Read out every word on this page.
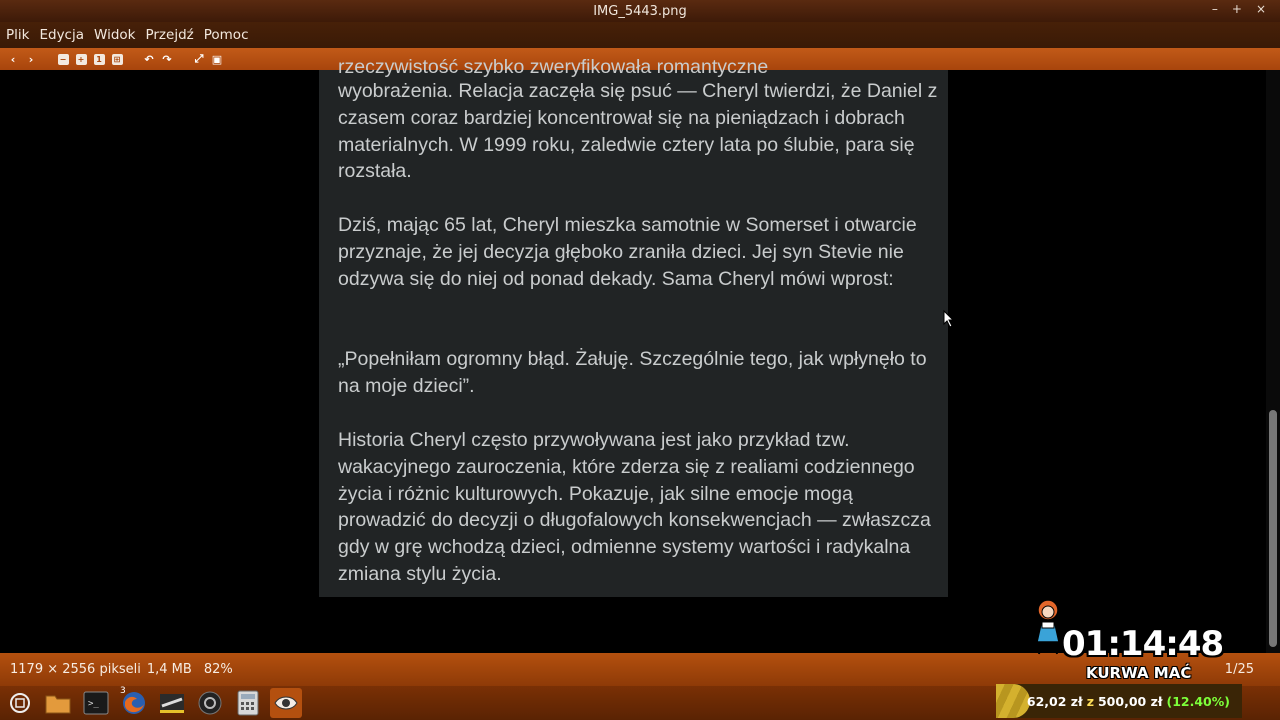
IMG_5443.png	– + ×
Plik Edycja Widok Przejdź Pomoc
‹	›	− +	1	⊞ ↶ ↷ ⤢ ▣	rzeczywistość szybko zweryfikowała romantyczne

wyobrażenia. Relacja zaczęła się psuć — Cheryl twierdzi, że Daniel z czasem coraz bardziej koncentrował się na pieniądzach i dobrach materialnych. W 1999 roku, zaledwie cztery lata po ślubie, para się rozstała.

Dziś, mając 65 lat, Cheryl mieszka samotnie w Somerset i otwarcie przyznaje, że jej decyzja głęboko zraniła dzieci. Jej syn Stevie nie odzywa się do niej od ponad dekady. Sama Cheryl mówi wprost:

„Popełniłam ogromny błąd. Żałuję. Szczególnie tego, jak wpłynęło to na moje dzieci”.

Historia Cheryl często przywoływana jest jako przykład tzw. wakacyjnego zauroczenia, które zderza się z realiami codziennego życia i różnic kulturowych. Pokazuje, jak silne emocje mogą prowadzić do decyzji o długofalowych konsekwencjach — zwłaszcza gdy w grę wchodzą dzieci, odmienne systemy wartości i radykalna zmiana stylu życia.

1179 × 2556 pikseli 1,4 MB 82%	1/25
>_
3
01:14:48
KURWA MAĆ
62,02 zł z 500,00 zł (12.40%)
